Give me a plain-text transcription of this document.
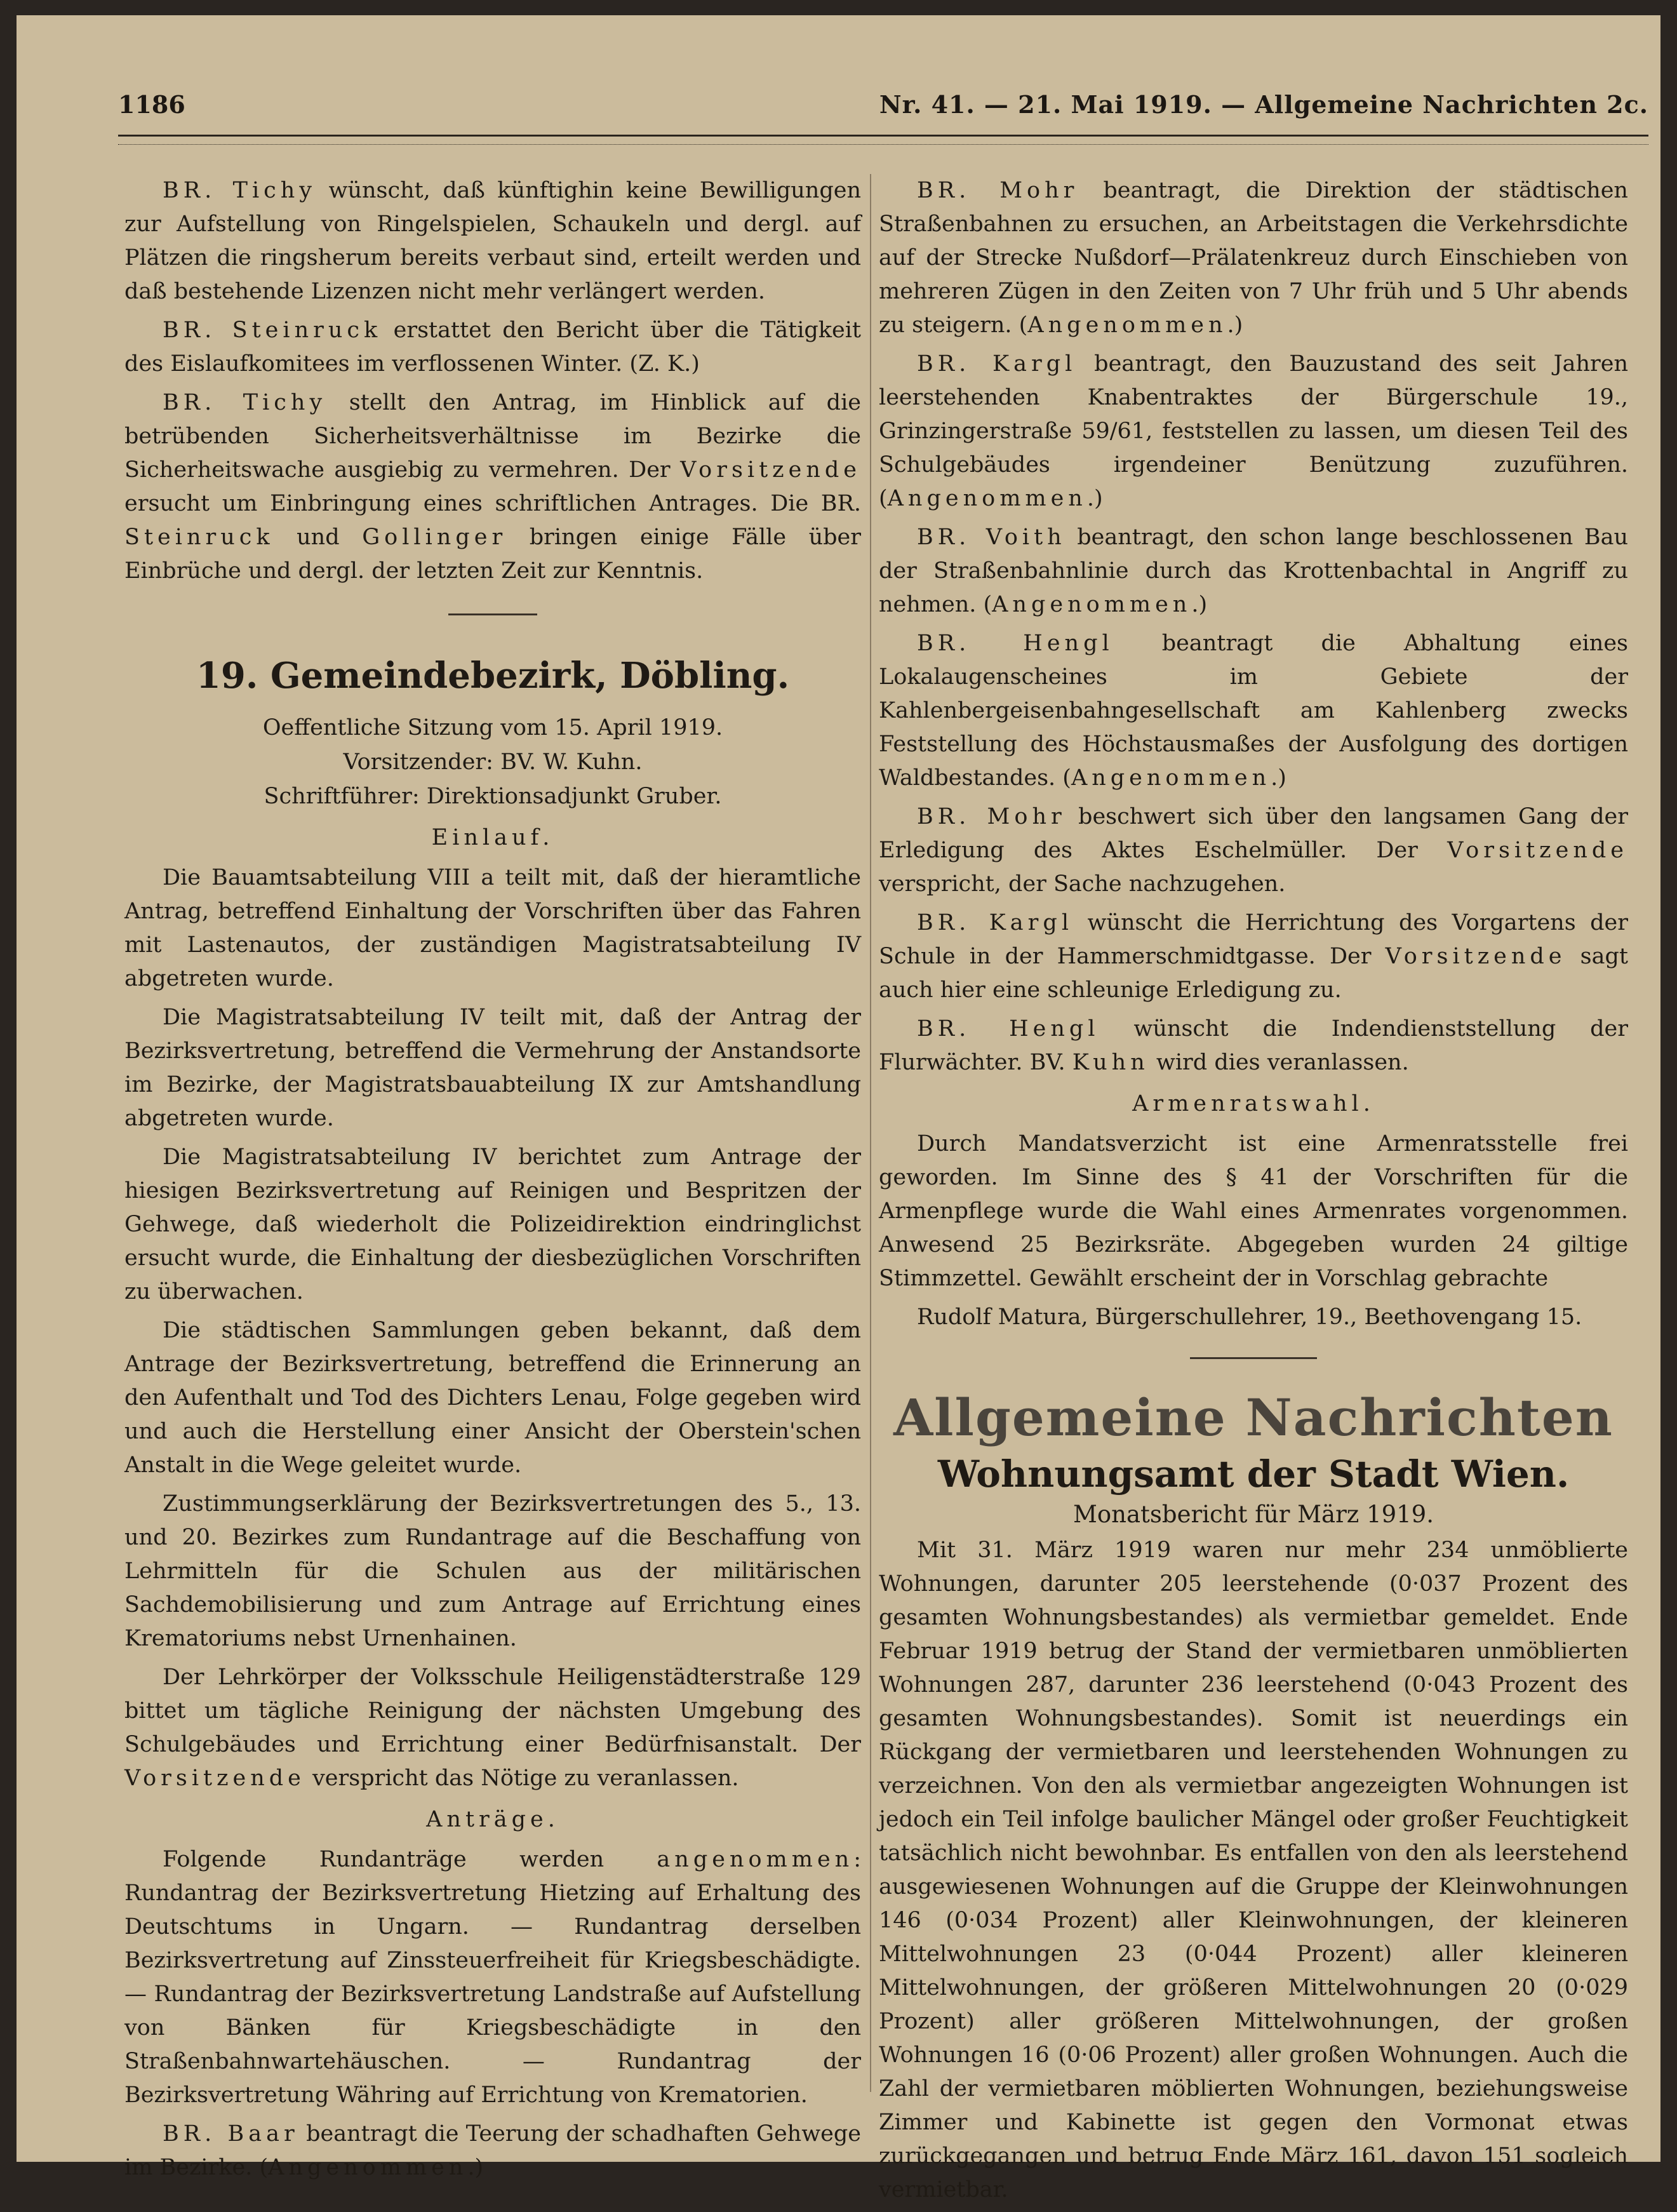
1186	Nr. 41. — 21. Mai 1919. — Allgemeine Nachrichten 2c.

BR. Tichy wünscht, daß künftighin keine Bewilligungen zur Aufstellung von Ringelspielen, Schaukeln und dergl. auf Plätzen die ringsherum bereits verbaut sind, erteilt werden und daß bestehende Lizenzen nicht mehr verlängert werden.

BR. Steinruck erstattet den Bericht über die Tätigkeit des Eislaufkomitees im verflossenen Winter. (Z. K.)

BR. Tichy stellt den Antrag, im Hinblick auf die betrübenden Sicherheitsverhältnisse im Bezirke die Sicherheitswache ausgiebig zu vermehren. Der Vorsitzende ersucht um Einbringung eines schriftlichen Antrages. Die BR. Steinruck und Gollinger bringen einige Fälle über Einbrüche und dergl. der letzten Zeit zur Kenntnis.

19. Gemeindebezirk, Döbling.

Oeffentliche Sitzung vom 15. April 1919.

Vorsitzender: BV. W. Kuhn.

Schriftführer: Direktionsadjunkt Gruber.

Einlauf.

Die Bauamtsabteilung VIII a teilt mit, daß der hieramtliche Antrag, betreffend Einhaltung der Vorschriften über das Fahren mit Lastenautos, der zuständigen Magistratsabteilung IV abgetreten wurde.

Die Magistratsabteilung IV teilt mit, daß der Antrag der Bezirksvertretung, betreffend die Vermehrung der Anstandsorte im Bezirke, der Magistratsbauabteilung IX zur Amtshandlung abgetreten wurde.

Die Magistratsabteilung IV berichtet zum Antrage der hiesigen Bezirksvertretung auf Reinigen und Bespritzen der Gehwege, daß wiederholt die Polizeidirektion eindringlichst ersucht wurde, die Einhaltung der diesbezüglichen Vorschriften zu überwachen.

Die städtischen Sammlungen geben bekannt, daß dem Antrage der Bezirksvertretung, betreffend die Erinnerung an den Aufenthalt und Tod des Dichters Lenau, Folge gegeben wird und auch die Herstellung einer Ansicht der Oberstein'schen Anstalt in die Wege geleitet wurde.

Zustimmungserklärung der Bezirksvertretungen des 5., 13. und 20. Bezirkes zum Rundantrage auf die Beschaffung von Lehrmitteln für die Schulen aus der militärischen Sachdemobilisierung und zum Antrage auf Errichtung eines Krematoriums nebst Urnenhainen.

Der Lehrkörper der Volksschule Heiligenstädterstraße 129 bittet um tägliche Reinigung der nächsten Umgebung des Schulgebäudes und Errichtung einer Bedürfnisanstalt. Der Vorsitzende verspricht das Nötige zu veranlassen.

Anträge.

Folgende Rundanträge werden angenommen: Rundantrag der Bezirksvertretung Hietzing auf Erhaltung des Deutschtums in Ungarn. — Rundantrag derselben Bezirksvertretung auf Zinssteuerfreiheit für Kriegsbeschädigte. — Rundantrag der Bezirksvertretung Landstraße auf Aufstellung von Bänken für Kriegsbeschädigte in den Straßenbahnwartehäuschen. — Rundantrag der Bezirksvertretung Währing auf Errichtung von Krematorien.

BR. Baar beantragt die Teerung der schadhaften Gehwege im Bezirke. (Angenommen.)

BR. Mohr beantragt, die Direktion der städtischen Straßenbahnen zu ersuchen, an Arbeitstagen die Verkehrsdichte auf der Strecke Nußdorf—Prälatenkreuz durch Einschieben von mehreren Zügen in den Zeiten von 7 Uhr früh und 5 Uhr abends zu steigern. (Angenommen.)

BR. Kargl beantragt, den Bauzustand des seit Jahren leerstehenden Knabentraktes der Bürgerschule 19., Grinzingerstraße 59/61, feststellen zu lassen, um diesen Teil des Schulgebäudes irgendeiner Benützung zuzuführen. (Angenommen.)

BR. Voith beantragt, den schon lange beschlossenen Bau der Straßenbahnlinie durch das Krottenbachtal in Angriff zu nehmen. (Angenommen.)

BR. Hengl beantragt die Abhaltung eines Lokalaugenscheines im Gebiete der Kahlenbergeisenbahngesellschaft am Kahlenberg zwecks Feststellung des Höchstausmaßes der Ausfolgung des dortigen Waldbestandes. (Angenommen.)

BR. Mohr beschwert sich über den langsamen Gang der Erledigung des Aktes Eschelmüller. Der Vorsitzende verspricht, der Sache nachzugehen.

BR. Kargl wünscht die Herrichtung des Vorgartens der Schule in der Hammerschmidtgasse. Der Vorsitzende sagt auch hier eine schleunige Erledigung zu.

BR. Hengl wünscht die Indendienststellung der Flurwächter. BV. Kuhn wird dies veranlassen.

Armenratswahl.

Durch Mandatsverzicht ist eine Armenratsstelle frei geworden. Im Sinne des § 41 der Vorschriften für die Armenpflege wurde die Wahl eines Armenrates vorgenommen. Anwesend 25 Bezirksräte. Abgegeben wurden 24 giltige Stimmzettel. Gewählt erscheint der in Vorschlag gebrachte

Rudolf Matura, Bürgerschullehrer, 19., Beethovengang 15.

Allgemeine Nachrichten
Wohnungsamt der Stadt Wien.

Monatsbericht für März 1919.

Mit 31. März 1919 waren nur mehr 234 unmöblierte Wohnungen, darunter 205 leerstehende (0·037 Prozent des gesamten Wohnungsbestandes) als vermietbar gemeldet. Ende Februar 1919 betrug der Stand der vermietbaren unmöblierten Wohnungen 287, darunter 236 leerstehend (0·043 Prozent des gesamten Wohnungsbestandes). Somit ist neuerdings ein Rückgang der vermietbaren und leerstehenden Wohnungen zu verzeichnen. Von den als vermietbar angezeigten Wohnungen ist jedoch ein Teil infolge baulicher Mängel oder großer Feuchtigkeit tatsächlich nicht bewohnbar. Es entfallen von den als leerstehend ausgewiesenen Wohnungen auf die Gruppe der Kleinwohnungen 146 (0·034 Prozent) aller Kleinwohnungen, der kleineren Mittelwohnungen 23 (0·044 Prozent) aller kleineren Mittelwohnungen, der größeren Mittelwohnungen 20 (0·029 Prozent) aller größeren Mittelwohnungen, der großen Wohnungen 16 (0·06 Prozent) aller großen Wohnungen. Auch die Zahl der vermietbaren möblierten Wohnungen, beziehungsweise Zimmer und Kabinette ist gegen den Vormonat etwas zurückgegangen und betrug Ende März 161, davon 151 sogleich vermietbar.
